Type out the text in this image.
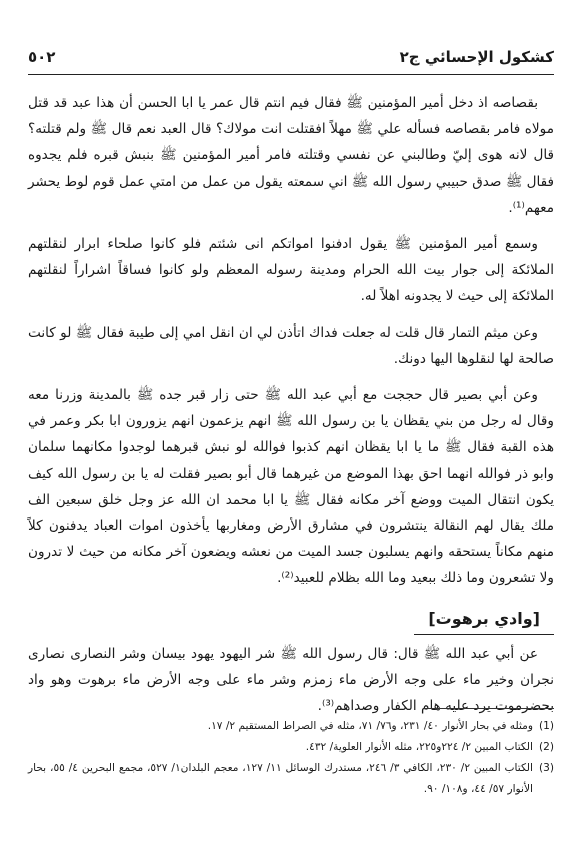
كشكول الإحسائي ج٢
٥٠٢

بقصاصه اذ دخل أمير المؤمنين ﷺ فقال فيم انتم قال عمر يا ابا الحسن أن هذا عبد قد قتل مولاه فامر بقصاصه فسأله علي ﷺ مهلاً افقتلت انت مولاك؟ قال العبد نعم قال ﷺ ولم قتلته؟ قال لانه هوى إليّ وطالبني عن نفسي وقتلته فامر أمير المؤمنين ﷺ بنبش قبره فلم يجدوه فقال ﷺ صدق حبيبي رسول الله ﷺ اني سمعته يقول من عمل من امتي عمل قوم لوط يحشر معهم⁽¹⁾.

وسمع أمير المؤمنين ﷺ يقول ادفنوا امواتكم انى شئتم فلو كانوا صلحاء ابرار لنقلتهم الملائكة إلى جوار بيت الله الحرام ومدينة رسوله المعظم ولو كانوا فساقاً اشراراً لنقلتهم الملائكة إلى حيث لا يجدونه اهلاً له.

وعن ميثم التمار قال قلت له جعلت فداك اتأذن لي ان انقل امي إلى طيبة فقال ﷺ لو كانت صالحة لها لنقلوها اليها دونك.

وعن أبي بصير قال حججت مع أبي عبد الله ﷺ حتى زار قبر جده ﷺ بالمدينة وزرنا معه وقال له رجل من بني يقظان يا بن رسول الله ﷺ انهم يزعمون انهم يزورون ابا بكر وعمر في هذه القبة فقال ﷺ ما يا ابا يقظان انهم كذبوا فوالله لو نبش قبرهما لوجدوا مكانهما سلمان وابو ذر فوالله انهما احق بهذا الموضع من غيرهما قال أبو بصير فقلت له يا بن رسول الله كيف يكون انتقال الميت ووضع آخر مكانه فقال ﷺ يا ابا محمد ان الله عز وجل خلق سبعين الف ملك يقال لهم النقالة ينتشرون في مشارق الأرض ومغاربها يأخذون اموات العباد يدفنون كلاً منهم مكاناً يستحقه وانهم يسلبون جسد الميت من نعشه ويضعون آخر مكانه من حيث لا تدرون ولا تشعرون وما ذلك ببعيد وما الله بظلام للعبيد⁽²⁾.

[وادي برهوت]

عن أبي عبد الله ﷺ قال: قال رسول الله ﷺ شر اليهود يهود بيسان وشر النصارى نصارى نجران وخير ماء على وجه الأرض ماء زمزم وشر ماء على وجه الأرض ماء برهوت وهو واد بحضرموت يرد عليه هام الكفار وصداهم⁽³⁾.

(1)
ومثله في بحار الأنوار ٤٠/ ٢٣١، و٧٦/ ٧١، مثله في الصراط المستقيم ٢/ ١٧.
(2)
الكتاب المبين ٢/ ٢٢٤و٢٢٥، مثله الأنوار العلوية/ ٤٣٢.
(3)
الكتاب المبين ٢/ ٢٣٠، الكافي ٣/ ٢٤٦، مستدرك الوسائل ١١/ ١٢٧، معجم البلدان١/ ٥٢٧، مجمع البحرين ٤/ ٥٥، بحار الأنوار ٥٧/ ٤٤، و١٠٨/ ٩٠.
